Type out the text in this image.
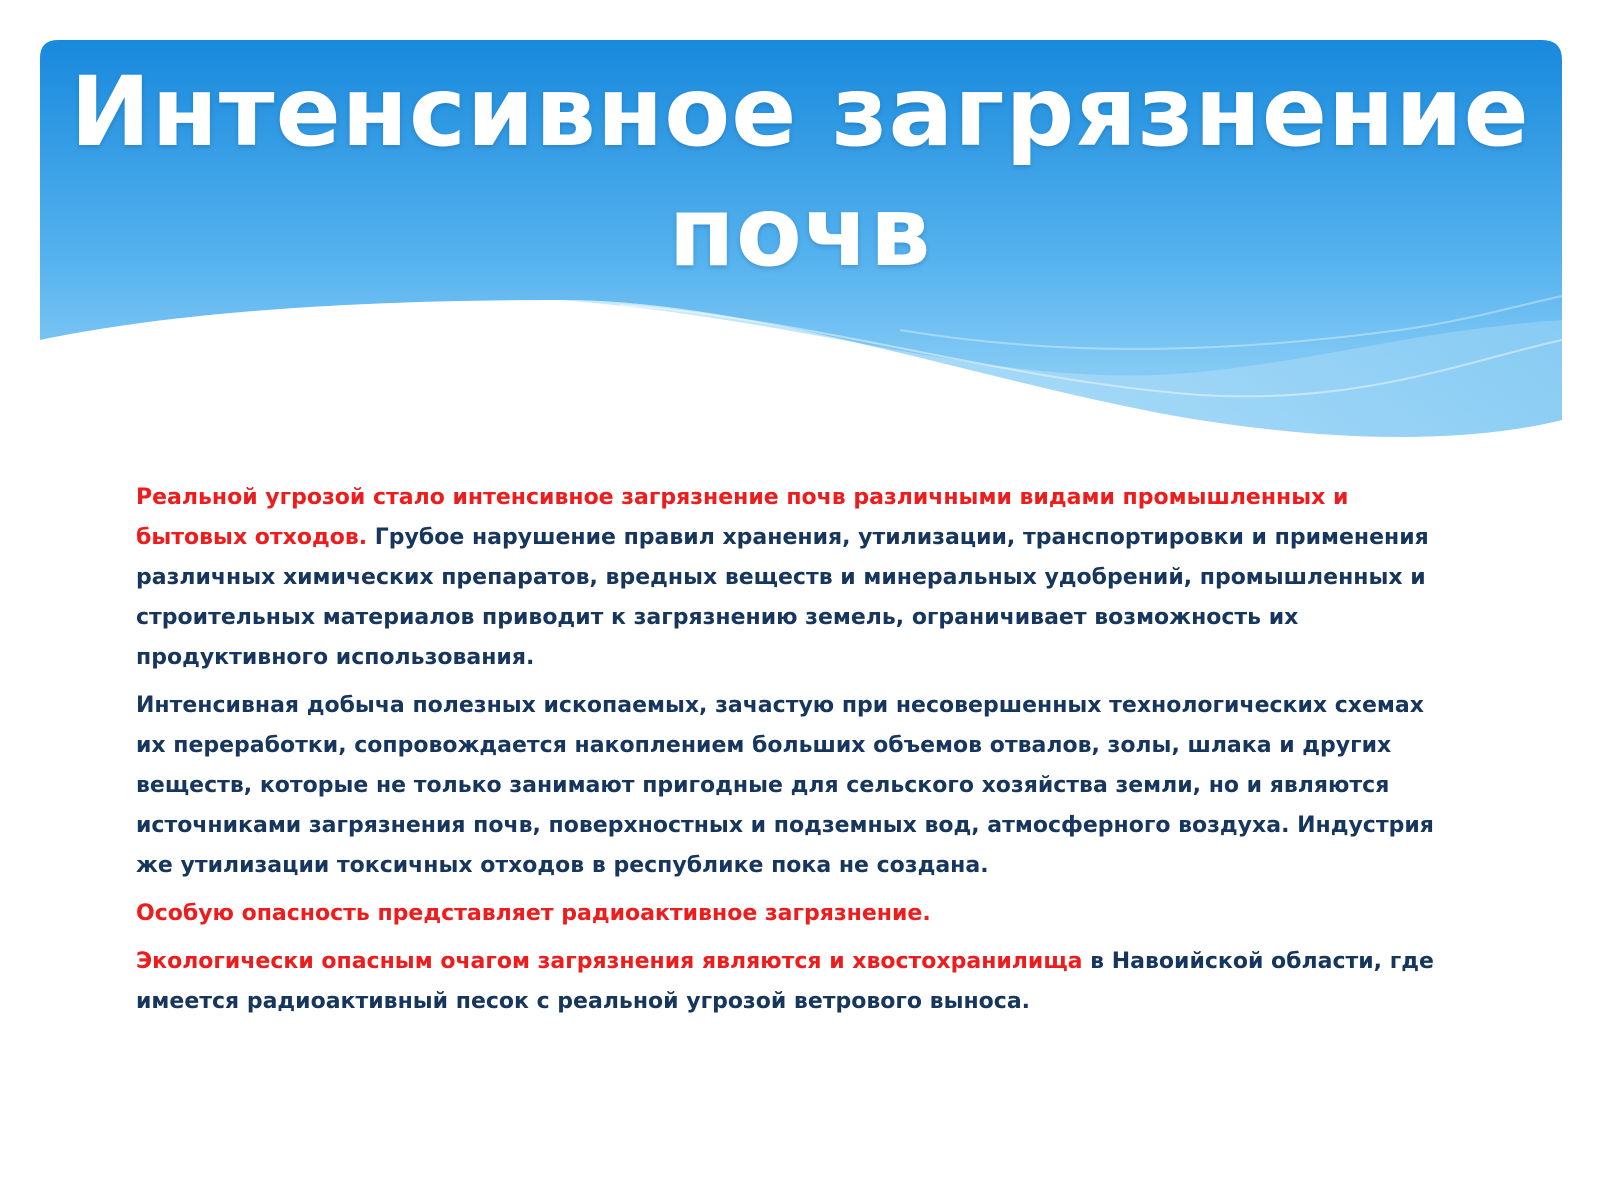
Интенсивное загрязнение
почв

Реальной угрозой стало интенсивное загрязнение почв различными видами промышленных и бытовых отходов. Грубое нарушение правил хранения, утилизации, транспортировки и применения различных химических препаратов, вредных веществ и минеральных удобрений, промышленных и строительных материалов приводит к загрязнению земель, ограничивает возможность их продуктивного использования.

Интенсивная добыча полезных ископаемых, зачастую при несовершенных технологических схемах их переработки, сопровождается накоплением больших объемов отвалов, золы, шлака и других веществ, которые не только занимают пригодные для сельского хозяйства земли, но и являются источниками загрязнения почв, поверхностных и подземных вод, атмосферного воздуха. Индустрия же утилизации токсичных отходов в республике пока не создана.

Особую опасность представляет радиоактивное загрязнение.

Экологически опасным очагом загрязнения являются и хвостохранилища в Навоийской области, где имеется радиоактивный песок с реальной угрозой ветрового выноса.
